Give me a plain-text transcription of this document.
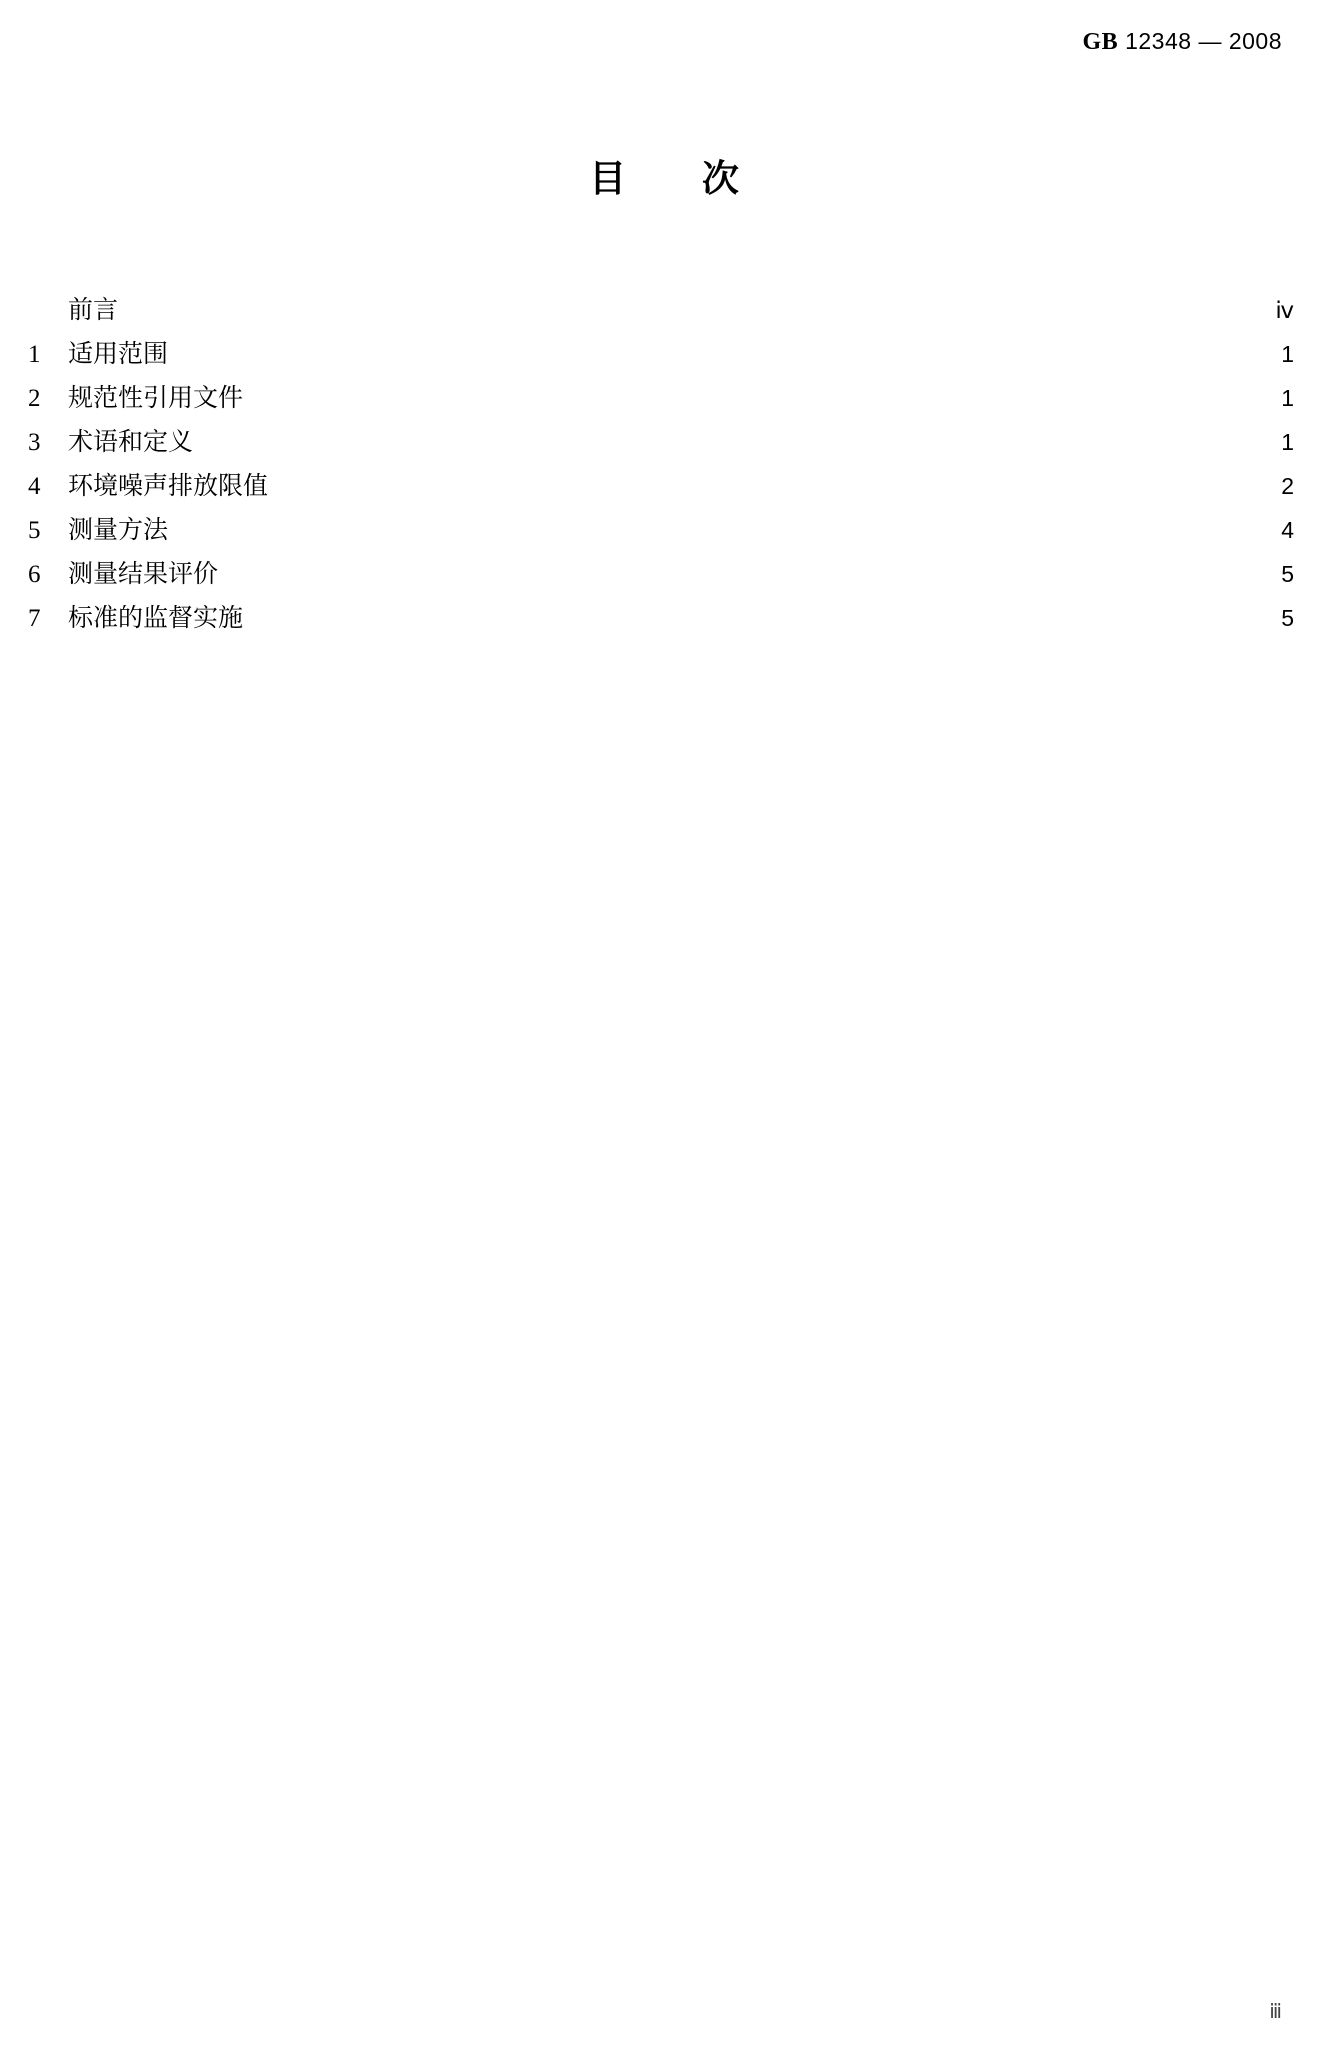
GB 12348 — 2008
目 次
前言 ·····	ⅳ
1	适用范围 ·····	1
2	规范性引用文件 ·····	1
3	术语和定义 ·····	1
4	环境噪声排放限值 ·····	2
5	测量方法 ·····	4
6	测量结果评价 ·····	5
7	标准的监督实施 ·····	5
ⅲ
